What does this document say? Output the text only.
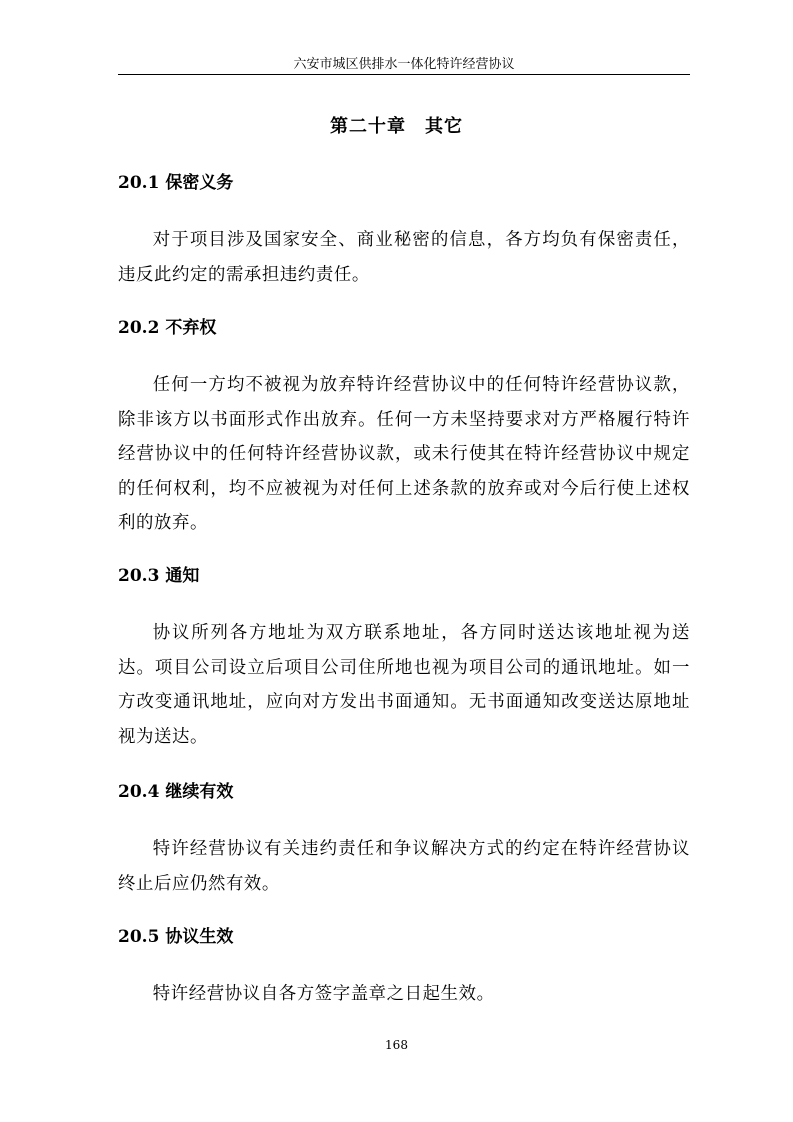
六安市城区供排水一体化特许经营协议
第二十章　其它

20.1 保密义务

对于项目涉及国家安全、商业秘密的信息，各方均负有保密责任，违反此约定的需承担违约责任。

20.2 不弃权

任何一方均不被视为放弃特许经营协议中的任何特许经营协议款，除非该方以书面形式作出放弃。任何一方未坚持要求对方严格履行特许经营协议中的任何特许经营协议款，或未行使其在特许经营协议中规定的任何权利，均不应被视为对任何上述条款的放弃或对今后行使上述权利的放弃。

20.3 通知

协议所列各方地址为双方联系地址，各方同时送达该地址视为送达。项目公司设立后项目公司住所地也视为项目公司的通讯地址。如一方改变通讯地址，应向对方发出书面通知。无书面通知改变送达原地址视为送达。

20.4 继续有效

特许经营协议有关违约责任和争议解决方式的约定在特许经营协议终止后应仍然有效。

20.5 协议生效

特许经营协议自各方签字盖章之日起生效。

168
